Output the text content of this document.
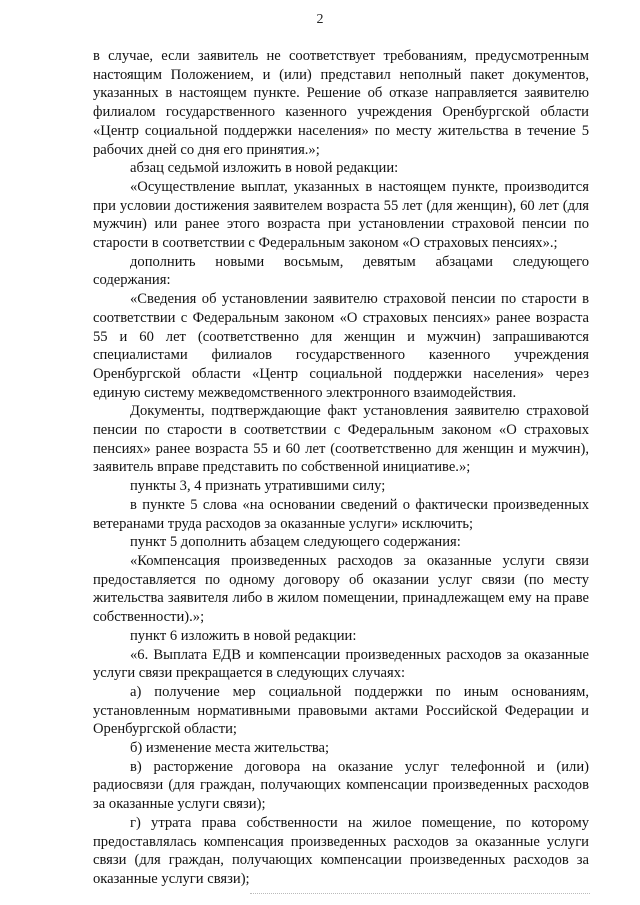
2

в случае, если заявитель не соответствует требованиям, предусмотренным настоящим Положением, и (или) представил неполный пакет документов, указанных в настоящем пункте. Решение об отказе направляется заявителю филиалом государственного казенного учреждения Оренбургской области «Центр социальной поддержки населения» по месту жительства в течение 5 рабочих дней со дня его принятия.»;

абзац седьмой изложить в новой редакции:

«Осуществление выплат, указанных в настоящем пункте, производится при условии достижения заявителем возраста 55 лет (для женщин), 60 лет (для мужчин) или ранее этого возраста при установлении страховой пенсии по старости в соответствии с Федеральным законом «О страховых пенсиях».;

дополнить новыми восьмым, девятым абзацами следующего содержания:

«Сведения об установлении заявителю страховой пенсии по старости в соответствии с Федеральным законом «О страховых пенсиях» ранее возраста 55 и 60 лет (соответственно для женщин и мужчин) запрашиваются специалистами филиалов государственного казенного учреждения Оренбургской области «Центр социальной поддержки населения» через единую систему межведомственного электронного взаимодействия.

Документы, подтверждающие факт установления заявителю страховой пенсии по старости в соответствии с Федеральным законом «О страховых пенсиях» ранее возраста 55 и 60 лет (соответственно для женщин и мужчин), заявитель вправе представить по собственной инициативе.»;

пункты 3, 4 признать утратившими силу;

в пункте 5 слова «на основании сведений о фактически произведенных ветеранами труда расходов за оказанные услуги» исключить;

пункт 5 дополнить абзацем следующего содержания:

«Компенсация произведенных расходов за оказанные услуги связи предоставляется по одному договору об оказании услуг связи (по месту жительства заявителя либо в жилом помещении, принадлежащем ему на праве собственности).»;

пункт 6 изложить в новой редакции:

«6. Выплата ЕДВ и компенсации произведенных расходов за оказанные услуги связи прекращается в следующих случаях:

а) получение мер социальной поддержки по иным основаниям, установленным нормативными правовыми актами Российской Федерации и Оренбургской области;

б) изменение места жительства;

в) расторжение договора на оказание услуг телефонной и (или) радиосвязи (для граждан, получающих компенсации произведенных расходов за оказанные услуги связи);

г) утрата права собственности на жилое помещение, по которому предоставлялась компенсация произведенных расходов за оказанные услуги связи (для граждан, получающих компенсации произведенных расходов за оказанные услуги связи);
